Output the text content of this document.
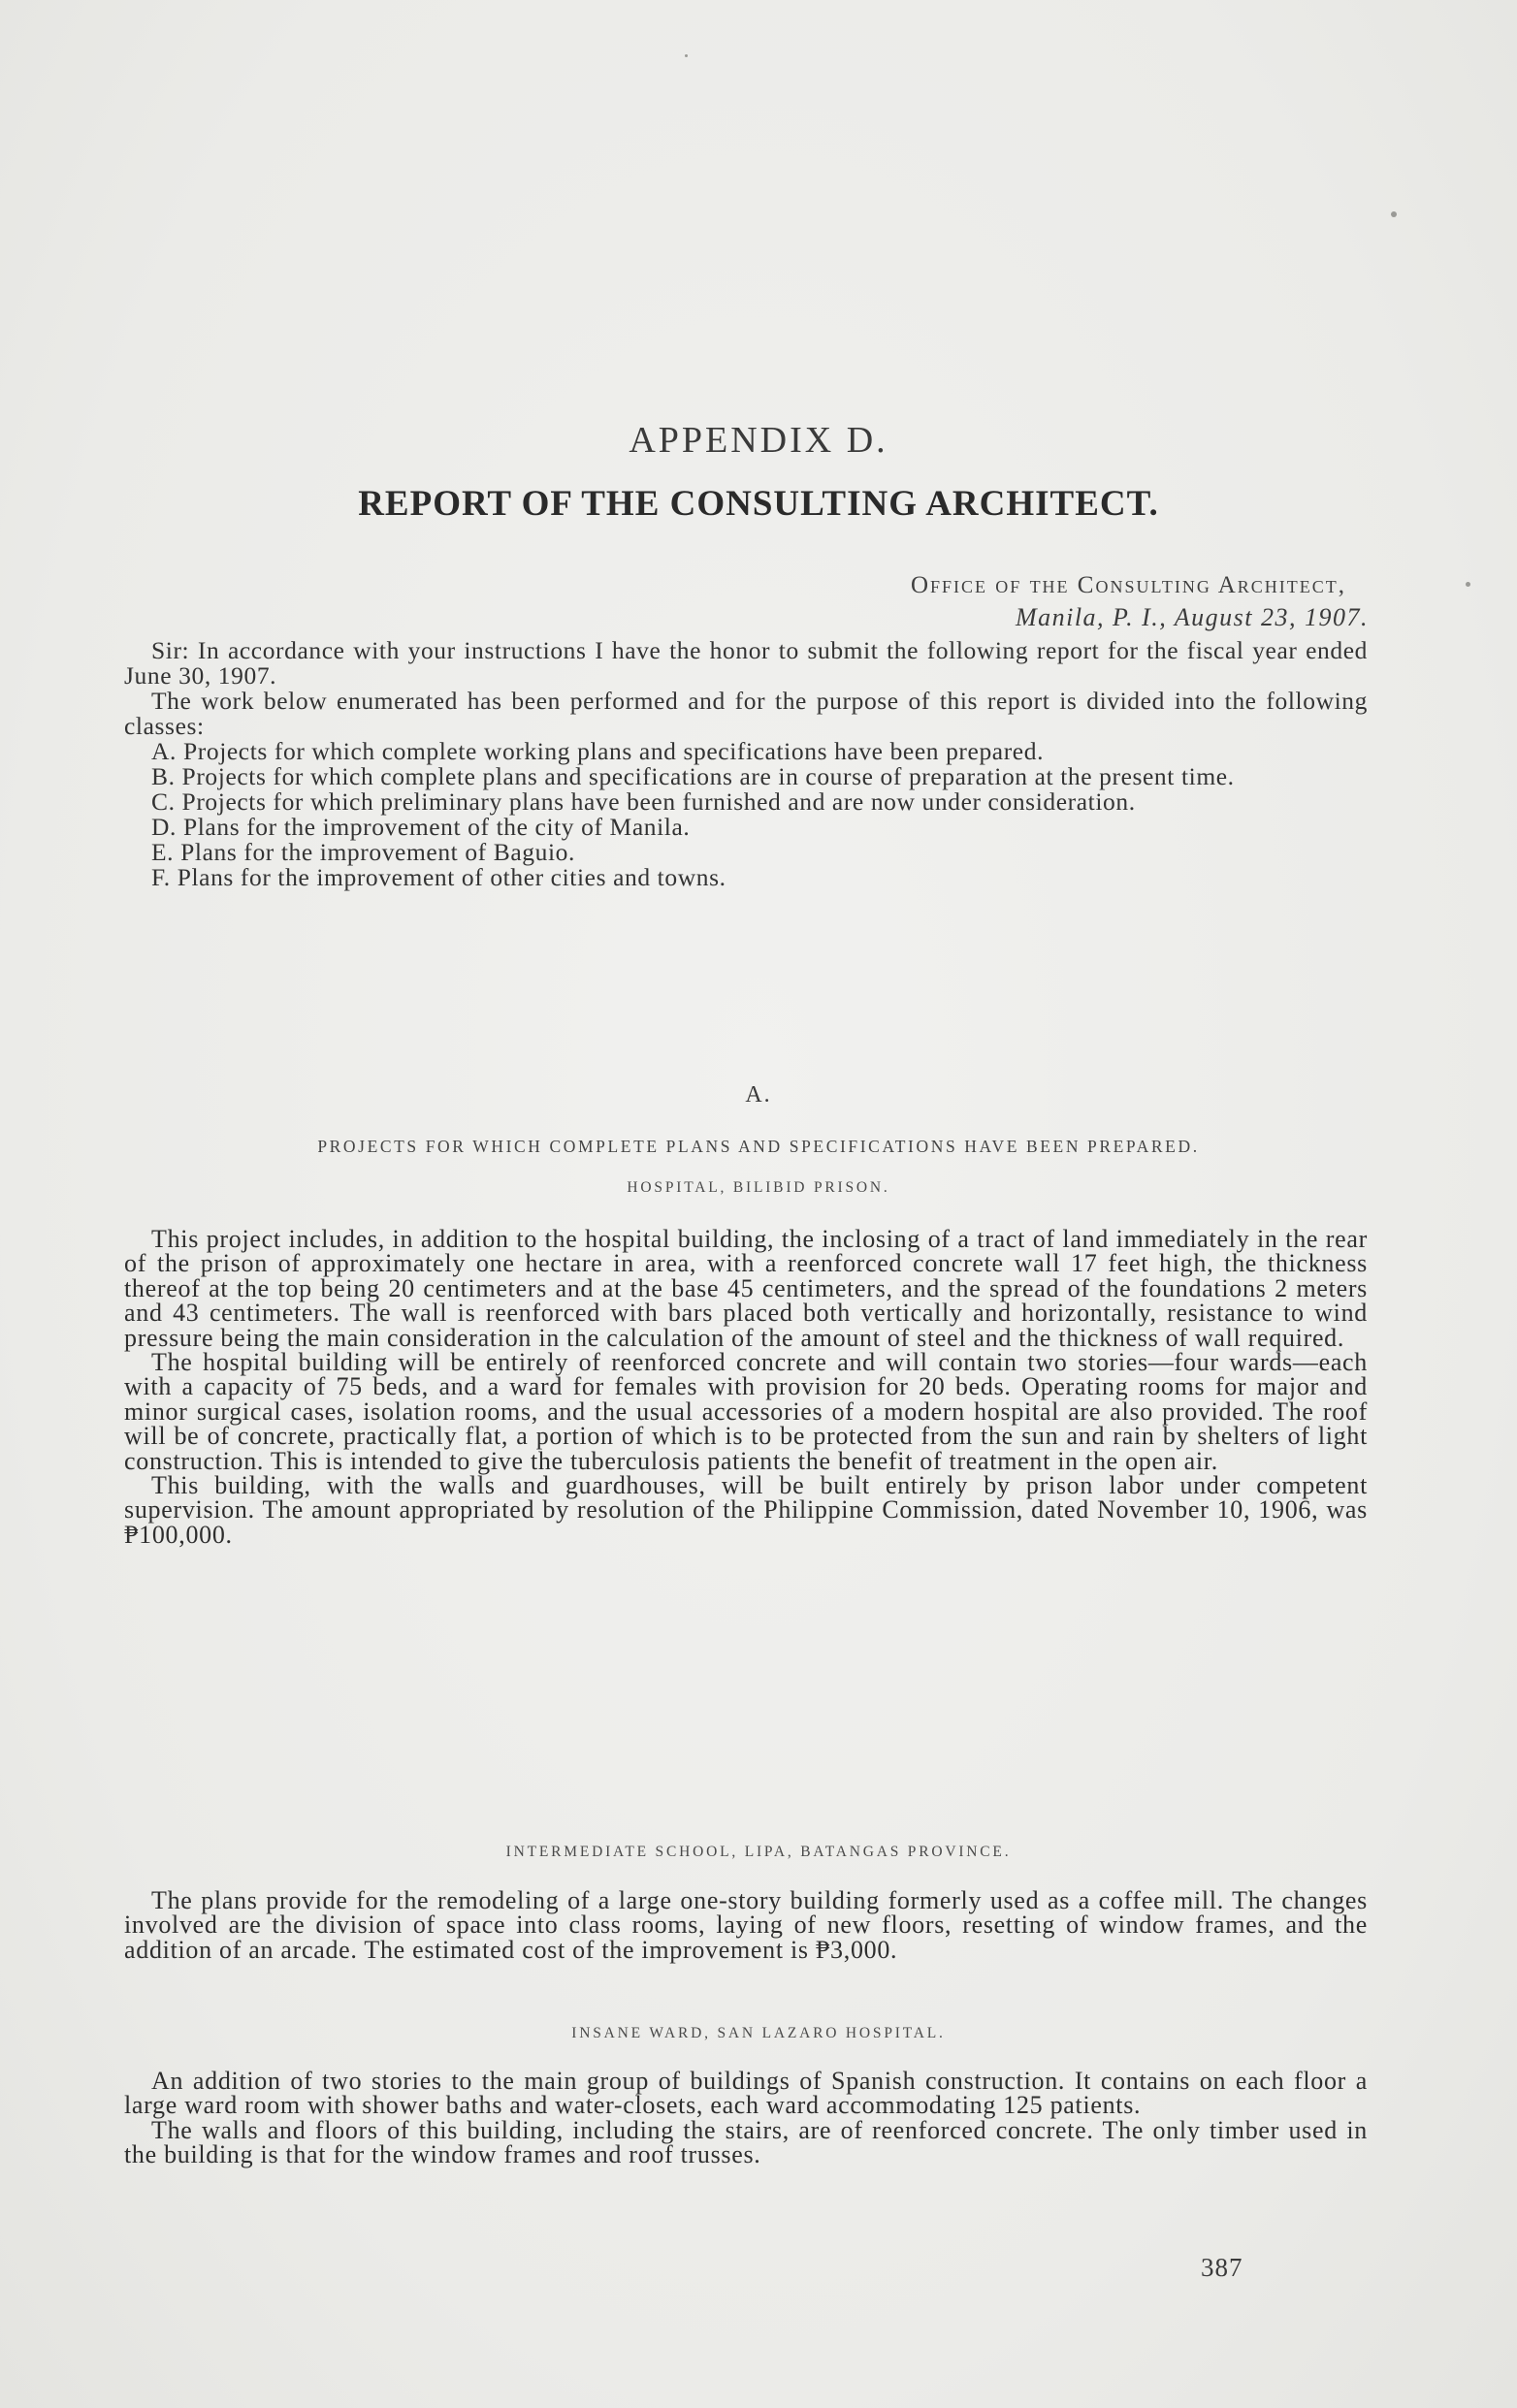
APPENDIX D.
REPORT OF THE CONSULTING ARCHITECT.
Office of the Consulting Architect,
Manila, P. I., August 23, 1907.

Sir: In accordance with your instructions I have the honor to submit the following report for the fiscal year ended June 30, 1907.

The work below enumerated has been performed and for the purpose of this report is divided into the following classes:

A. Projects for which complete working plans and specifications have been prepared.

B. Projects for which complete plans and specifications are in course of preparation at the present time.

C. Projects for which preliminary plans have been furnished and are now under consideration.

D. Plans for the improvement of the city of Manila.

E. Plans for the improvement of Baguio.

F. Plans for the improvement of other cities and towns.

A.
PROJECTS FOR WHICH COMPLETE PLANS AND SPECIFICATIONS HAVE BEEN PREPARED.
HOSPITAL, BILIBID PRISON.

This project includes, in addition to the hospital building, the inclosing of a tract of land immediately in the rear of the prison of approximately one hectare in area, with a reenforced concrete wall 17 feet high, the thickness thereof at the top being 20 centimeters and at the base 45 centimeters, and the spread of the foundations 2 meters and 43 centimeters. The wall is reenforced with bars placed both vertically and horizontally, resistance to wind pressure being the main consideration in the calculation of the amount of steel and the thickness of wall required.

The hospital building will be entirely of reenforced concrete and will contain two stories—four wards—each with a capacity of 75 beds, and a ward for females with provision for 20 beds. Operating rooms for major and minor surgical cases, isolation rooms, and the usual accessories of a modern hospital are also provided. The roof will be of concrete, practically flat, a portion of which is to be protected from the sun and rain by shelters of light construction. This is intended to give the tuberculosis patients the benefit of treatment in the open air.

This building, with the walls and guardhouses, will be built entirely by prison labor under competent supervision. The amount appropriated by resolution of the Philippine Commission, dated November 10, 1906, was ₱100,000.

INTERMEDIATE SCHOOL, LIPA, BATANGAS PROVINCE.

The plans provide for the remodeling of a large one-story building formerly used as a coffee mill. The changes involved are the division of space into class rooms, laying of new floors, resetting of window frames, and the addition of an arcade. The estimated cost of the improvement is ₱3,000.

INSANE WARD, SAN LAZARO HOSPITAL.

An addition of two stories to the main group of buildings of Spanish construction. It contains on each floor a large ward room with shower baths and water-closets, each ward accommodating 125 patients.

The walls and floors of this building, including the stairs, are of reenforced concrete. The only timber used in the building is that for the window frames and roof trusses.

387
